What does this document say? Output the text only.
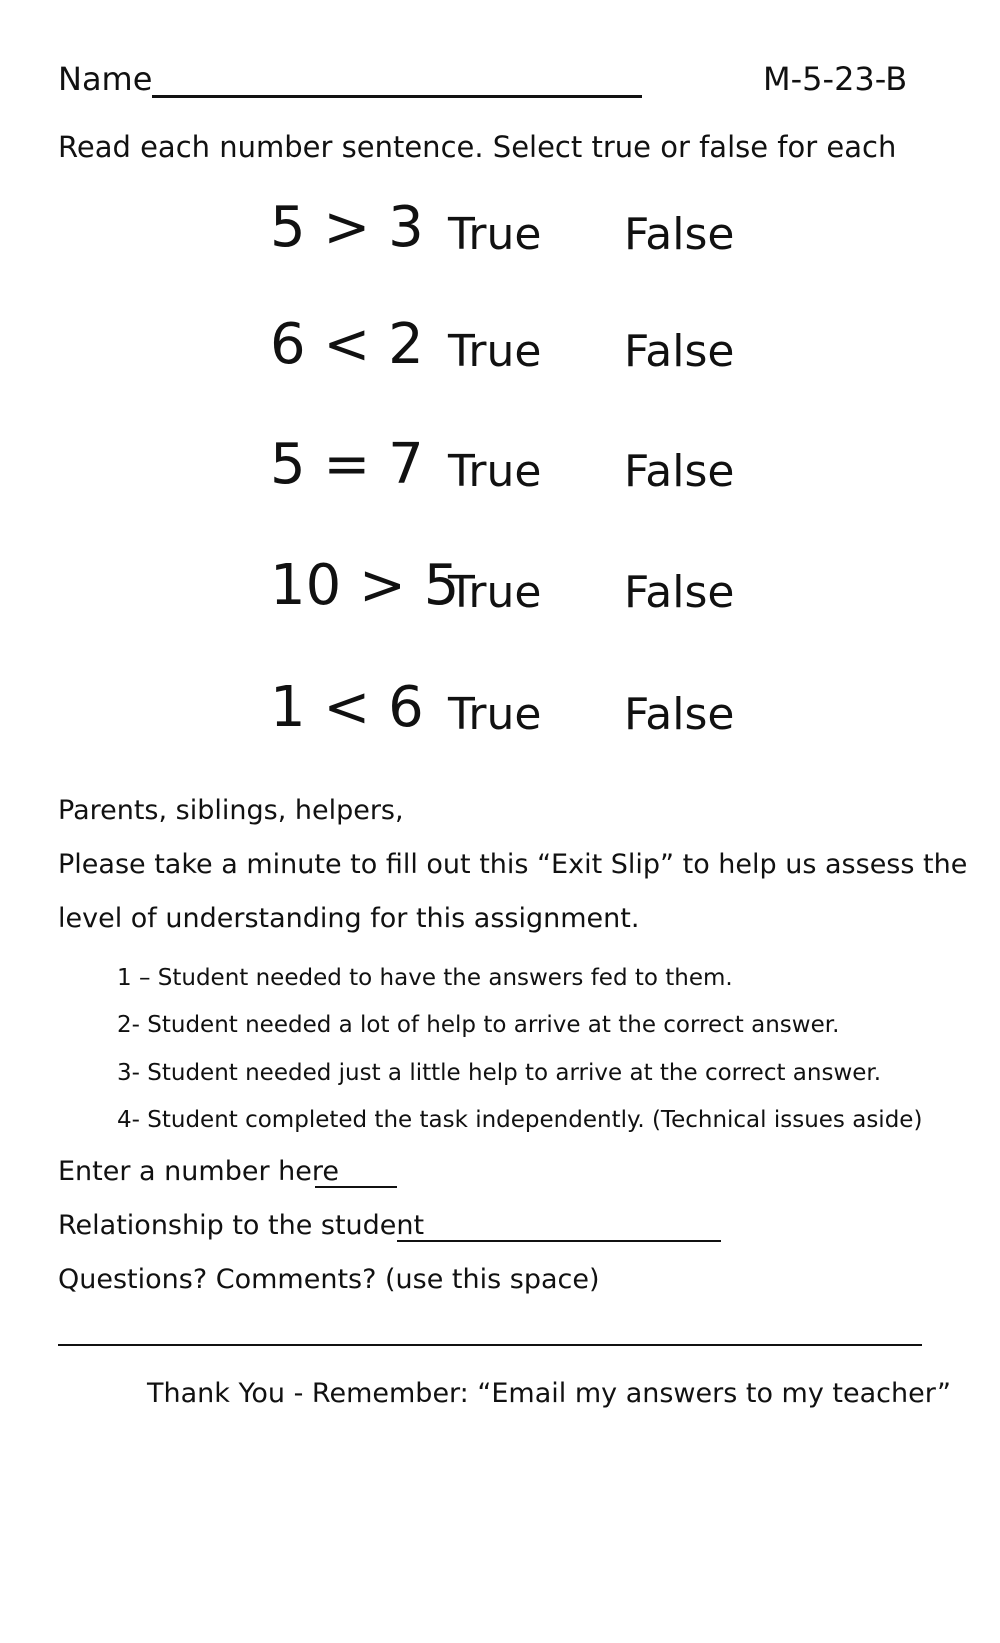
Name	M-5-23-B
Read each number sentence. Select true or false for each
5 > 3 True False
6 < 2 True False
5 = 7 True False
10 > 5
True False
1 < 6 True False
Parents, siblings, helpers,
Please take a minute to fill out this “Exit Slip” to help us assess the
level of understanding for this assignment.
1 – Student needed to have the answers fed to them.
2- Student needed a lot of help to arrive at the correct answer.
3- Student needed just a little help to arrive at the correct answer.
4- Student completed the task independently. (Technical issues aside)
Enter a number here
Relationship to the student
Questions? Comments? (use this space)
Thank You - Remember: “Email my answers to my teacher”
